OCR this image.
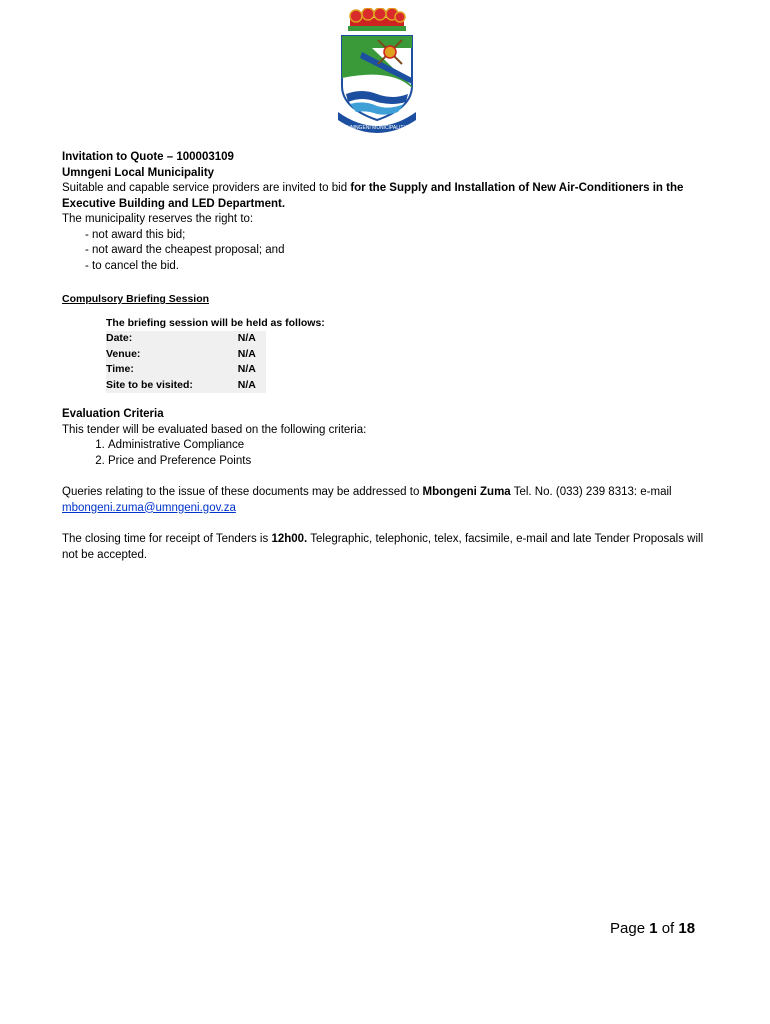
UMNGENI MUNICIPALITY

Invitation to Quote – 100003109

Umngeni Local Municipality

Suitable and capable service providers are invited to bid for the Supply and Installation of New Air-Conditioners in the Executive Building and LED Department.

The municipality reserves the right to:

- not award this bid;

- not award the cheapest proposal; and

- to cancel the bid.

Compulsory Briefing Session

The briefing session will be held as follows:

Date:	N/A
Venue:	N/A
Time:	N/A
Site to be visited:	N/A

Evaluation Criteria

This tender will be evaluated based on the following criteria:

1. Administrative Compliance
2. Price and Preference Points

Queries relating to the issue of these documents may be addressed to Mbongeni Zuma Tel. No. (033) 239 8313: e-mail
mbongeni.zuma@umngeni.gov.za

The closing time for receipt of Tenders is 12h00. Telegraphic, telephonic, telex, facsimile, e-mail and late Tender Proposals will not be accepted.

Page 1 of 18
